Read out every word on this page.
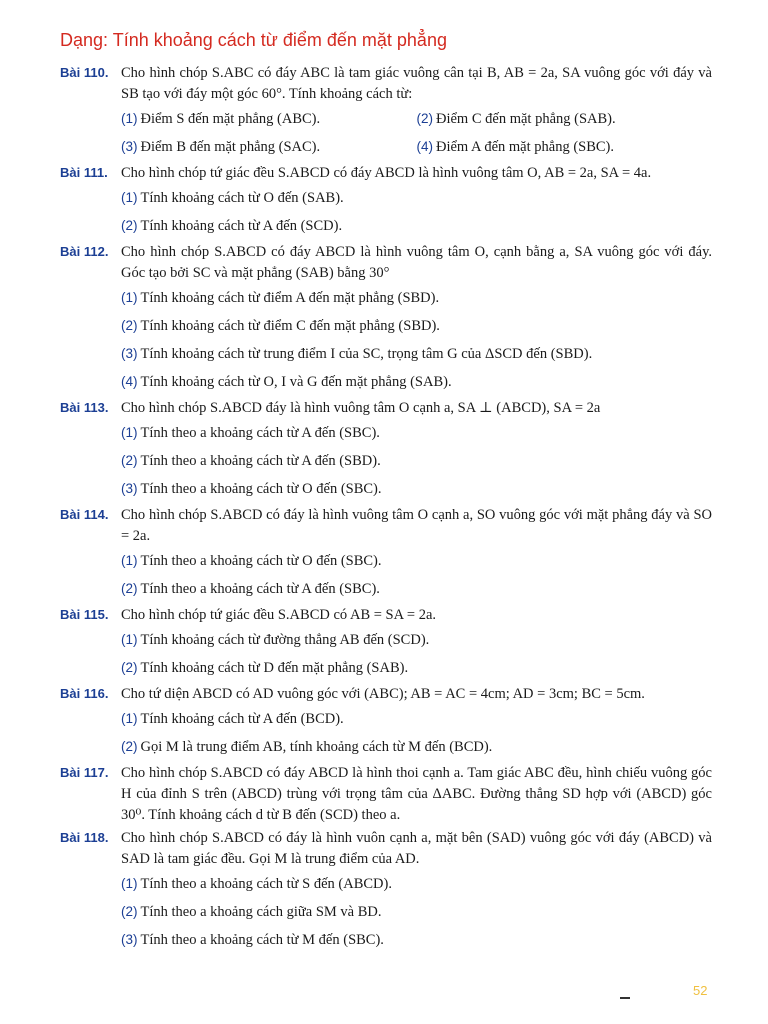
Dạng: Tính khoảng cách từ điểm đến mặt phẳng
Bài 110. Cho hình chóp S.ABC có đáy ABC là tam giác vuông cân tại B, AB = 2a, SA vuông góc với đáy và SB tạo với đáy một góc 60°. Tính khoảng cách từ:
(1) Điểm S đến mặt phẳng (ABC).	(2) Điểm C đến mặt phẳng (SAB).
(3) Điểm B đến mặt phẳng (SAC).	(4) Điểm A đến mặt phẳng (SBC).
Bài 111. Cho hình chóp tứ giác đều S.ABCD có đáy ABCD là hình vuông tâm O, AB = 2a, SA = 4a.
(1) Tính khoảng cách từ O đến (SAB).
(2) Tính khoảng cách từ A đến (SCD).
Bài 112. Cho hình chóp S.ABCD có đáy ABCD là hình vuông tâm O, cạnh bằng a, SA vuông góc với đáy. Góc tạo bởi SC và mặt phẳng (SAB) bằng 30°
(1) Tính khoảng cách từ điểm A đến mặt phẳng (SBD).
(2) Tính khoảng cách từ điểm C đến mặt phẳng (SBD).
(3) Tính khoảng cách từ trung điểm I của SC, trọng tâm G của ΔSCD đến (SBD).
(4) Tính khoảng cách từ O, I và G đến mặt phẳng (SAB).
Bài 113. Cho hình chóp S.ABCD đáy là hình vuông tâm O cạnh a, SA ⊥ (ABCD), SA = 2a
(1) Tính theo a khoảng cách từ A đến (SBC).
(2) Tính theo a khoảng cách từ A đến (SBD).
(3) Tính theo a khoảng cách từ O đến (SBC).
Bài 114. Cho hình chóp S.ABCD có đáy là hình vuông tâm O cạnh a, SO vuông góc với mặt phẳng đáy và SO = 2a.
(1) Tính theo a khoảng cách từ O đến (SBC).
(2) Tính theo a khoảng cách từ A đến (SBC).
Bài 115. Cho hình chóp tứ giác đều S.ABCD có AB = SA = 2a.
(1) Tính khoảng cách từ đường thẳng AB đến (SCD).
(2) Tính khoảng cách từ D đến mặt phẳng (SAB).
Bài 116. Cho tứ diện ABCD có AD vuông góc với (ABC); AB = AC = 4cm; AD = 3cm; BC = 5cm.
(1) Tính khoảng cách từ A đến (BCD).
(2) Gọi M là trung điểm AB, tính khoảng cách từ M đến (BCD).
Bài 117. Cho hình chóp S.ABCD có đáy ABCD là hình thoi cạnh a. Tam giác ABC đều, hình chiếu vuông góc H của đỉnh S trên (ABCD) trùng với trọng tâm của ΔABC. Đường thẳng SD hợp với (ABCD) góc 30⁰. Tính khoảng cách d từ B đến (SCD) theo a.
Bài 118. Cho hình chóp S.ABCD có đáy là hình vuôn cạnh a, mặt bên (SAD) vuông góc với đáy (ABCD) và SAD là tam giác đều. Gọi M là trung điểm của AD.
(1) Tính theo a khoảng cách từ S đến (ABCD).
(2) Tính theo a khoảng cách giữa SM và BD.
(3) Tính theo a khoảng cách từ M đến (SBC).
52
